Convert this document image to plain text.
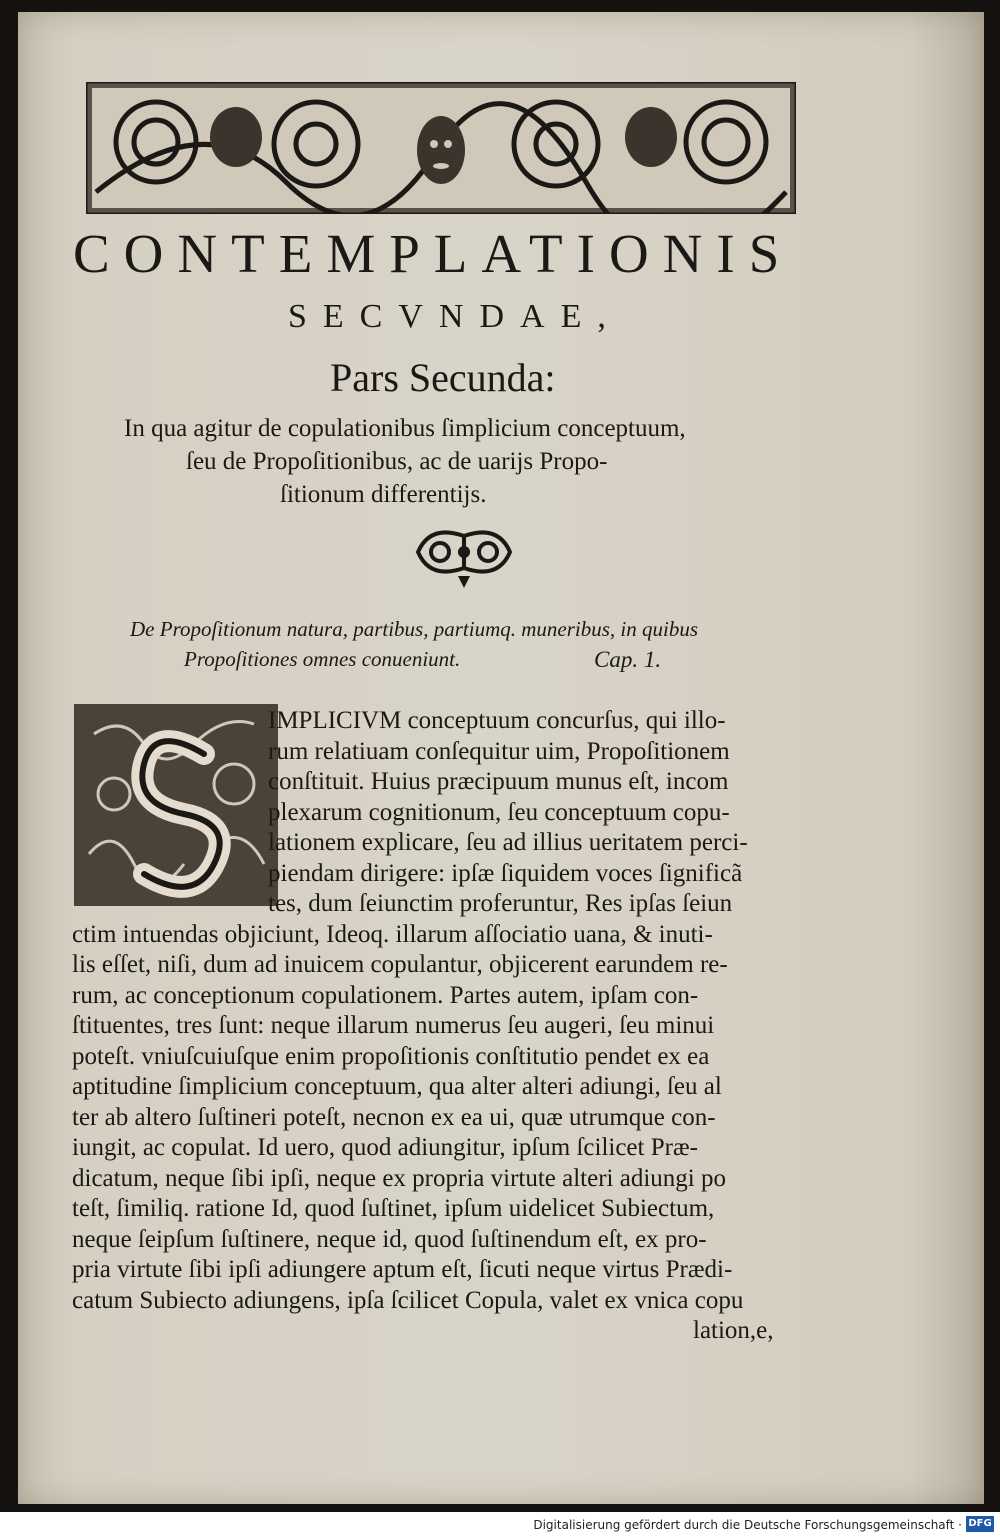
CONTEMPLATIONIS
SECVNDAE,
Pars Secunda:
In qua agitur de copulationibus ſimplicium conceptuum,
ſeu de Propoſitionibus, ac de uarijs Propo-
ſitionum differentijs.
De Propoſitionum natura, partibus, partiumq. muneribus, in quibus
Propoſitiones omnes conueniunt.	Cap. 1.
IMPLICIVM conceptuum concurſus, qui illo-
rum relatiuam conſequitur uim, Propoſitionem
conſtituit. Huius præcipuum munus eſt, incom
plexarum cognitionum, ſeu conceptuum copu-
lationem explicare, ſeu ad illius ueritatem perci-
piendam dirigere: ipſæ ſiquidem voces ſignificã
tes, dum ſeiunctim proferuntur, Res ipſas ſeiun
ctim intuendas objiciunt, Ideoq. illarum aſſociatio uana, & inuti-
lis eſſet, niſi, dum ad inuicem copulantur, objicerent earundem re-
rum, ac conceptionum copulationem. Partes autem, ipſam con-
ſtituentes, tres ſunt: neque illarum numerus ſeu augeri, ſeu minui
poteſt. vniuſcuiuſque enim propoſitionis conſtitutio pendet ex ea
aptitudine ſimplicium conceptuum, qua alter alteri adiungi, ſeu al
ter ab altero ſuſtineri poteſt, necnon ex ea ui, quæ utrumque con-
iungit, ac copulat. Id uero, quod adiungitur, ipſum ſcilicet Præ-
dicatum, neque ſibi ipſi, neque ex propria virtute alteri adiungi po
teſt, ſimiliq. ratione Id, quod ſuſtinet, ipſum uidelicet Subiectum,
neque ſeipſum ſuſtinere, neque id, quod ſuſtinendum eſt, ex pro-
pria virtute ſibi ipſi adiungere aptum eſt, ſicuti neque virtus Prædi-
catum Subiecto adiungens, ipſa ſcilicet Copula, valet ex vnica copu
lation,e,
Digitalisierung gefördert durch die Deutsche Forschungsgemeinschaft · DFG
